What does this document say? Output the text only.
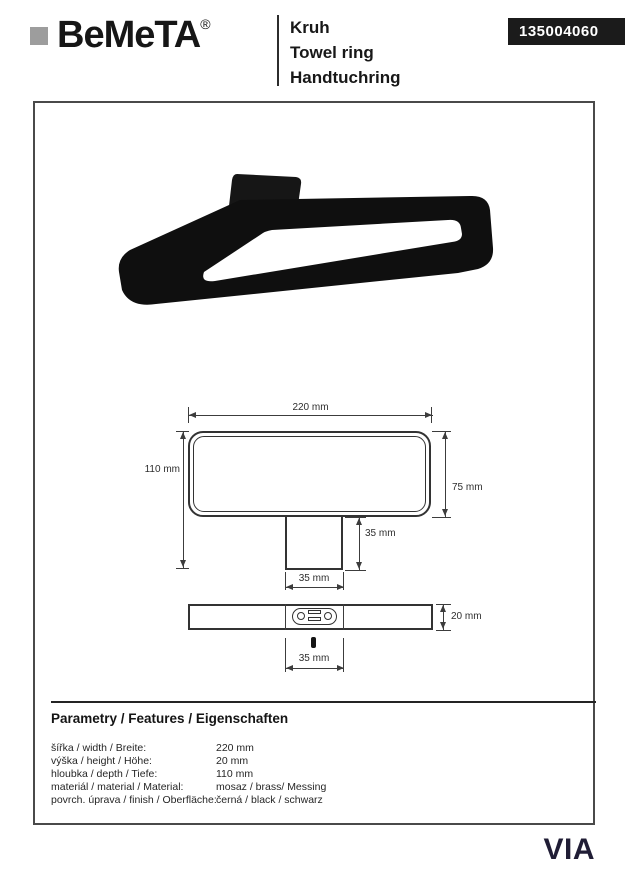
BeMeTA®	Kruh
Towel ring
Handtuchring
135004060
220 mm
110 mm
75 mm
35 mm
35 mm
35 mm
20 mm
Parametry / Features / Eigenschaften
šířka / width / Breite:	220 mm
výška / height / Höhe:	20 mm
hloubka / depth / Tiefe:	110 mm
materiál / material / Material:	mosaz / brass/ Messing
povrch. úprava / finish / Oberfläche: černá / black / schwarz
VIA
